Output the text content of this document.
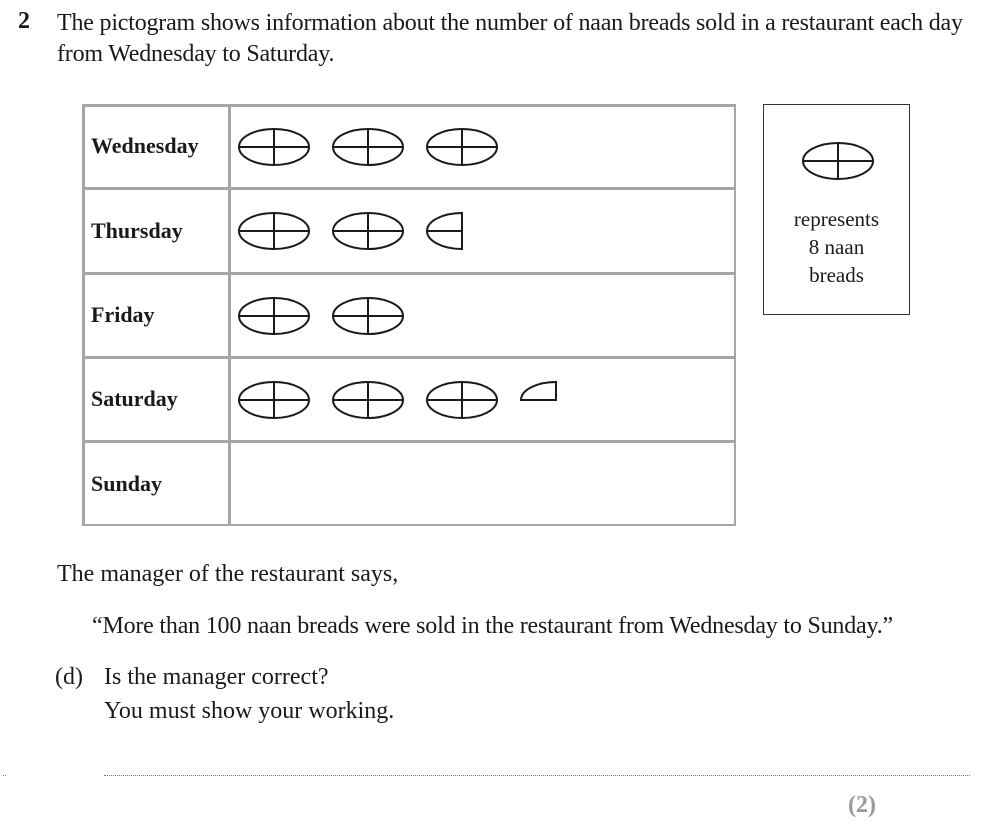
2 The pictogram shows information about the number of naan breads sold in a restaurant each day from Wednesday to Saturday.
Wednesday
Thursday
Friday
Saturday
Sunday
represents
8 naan
breads
The manager of the restaurant says,
“More than 100 naan breads were sold in the restaurant from Wednesday to Sunday.”
(d) Is the manager correct?
You must show your working.
(2)
